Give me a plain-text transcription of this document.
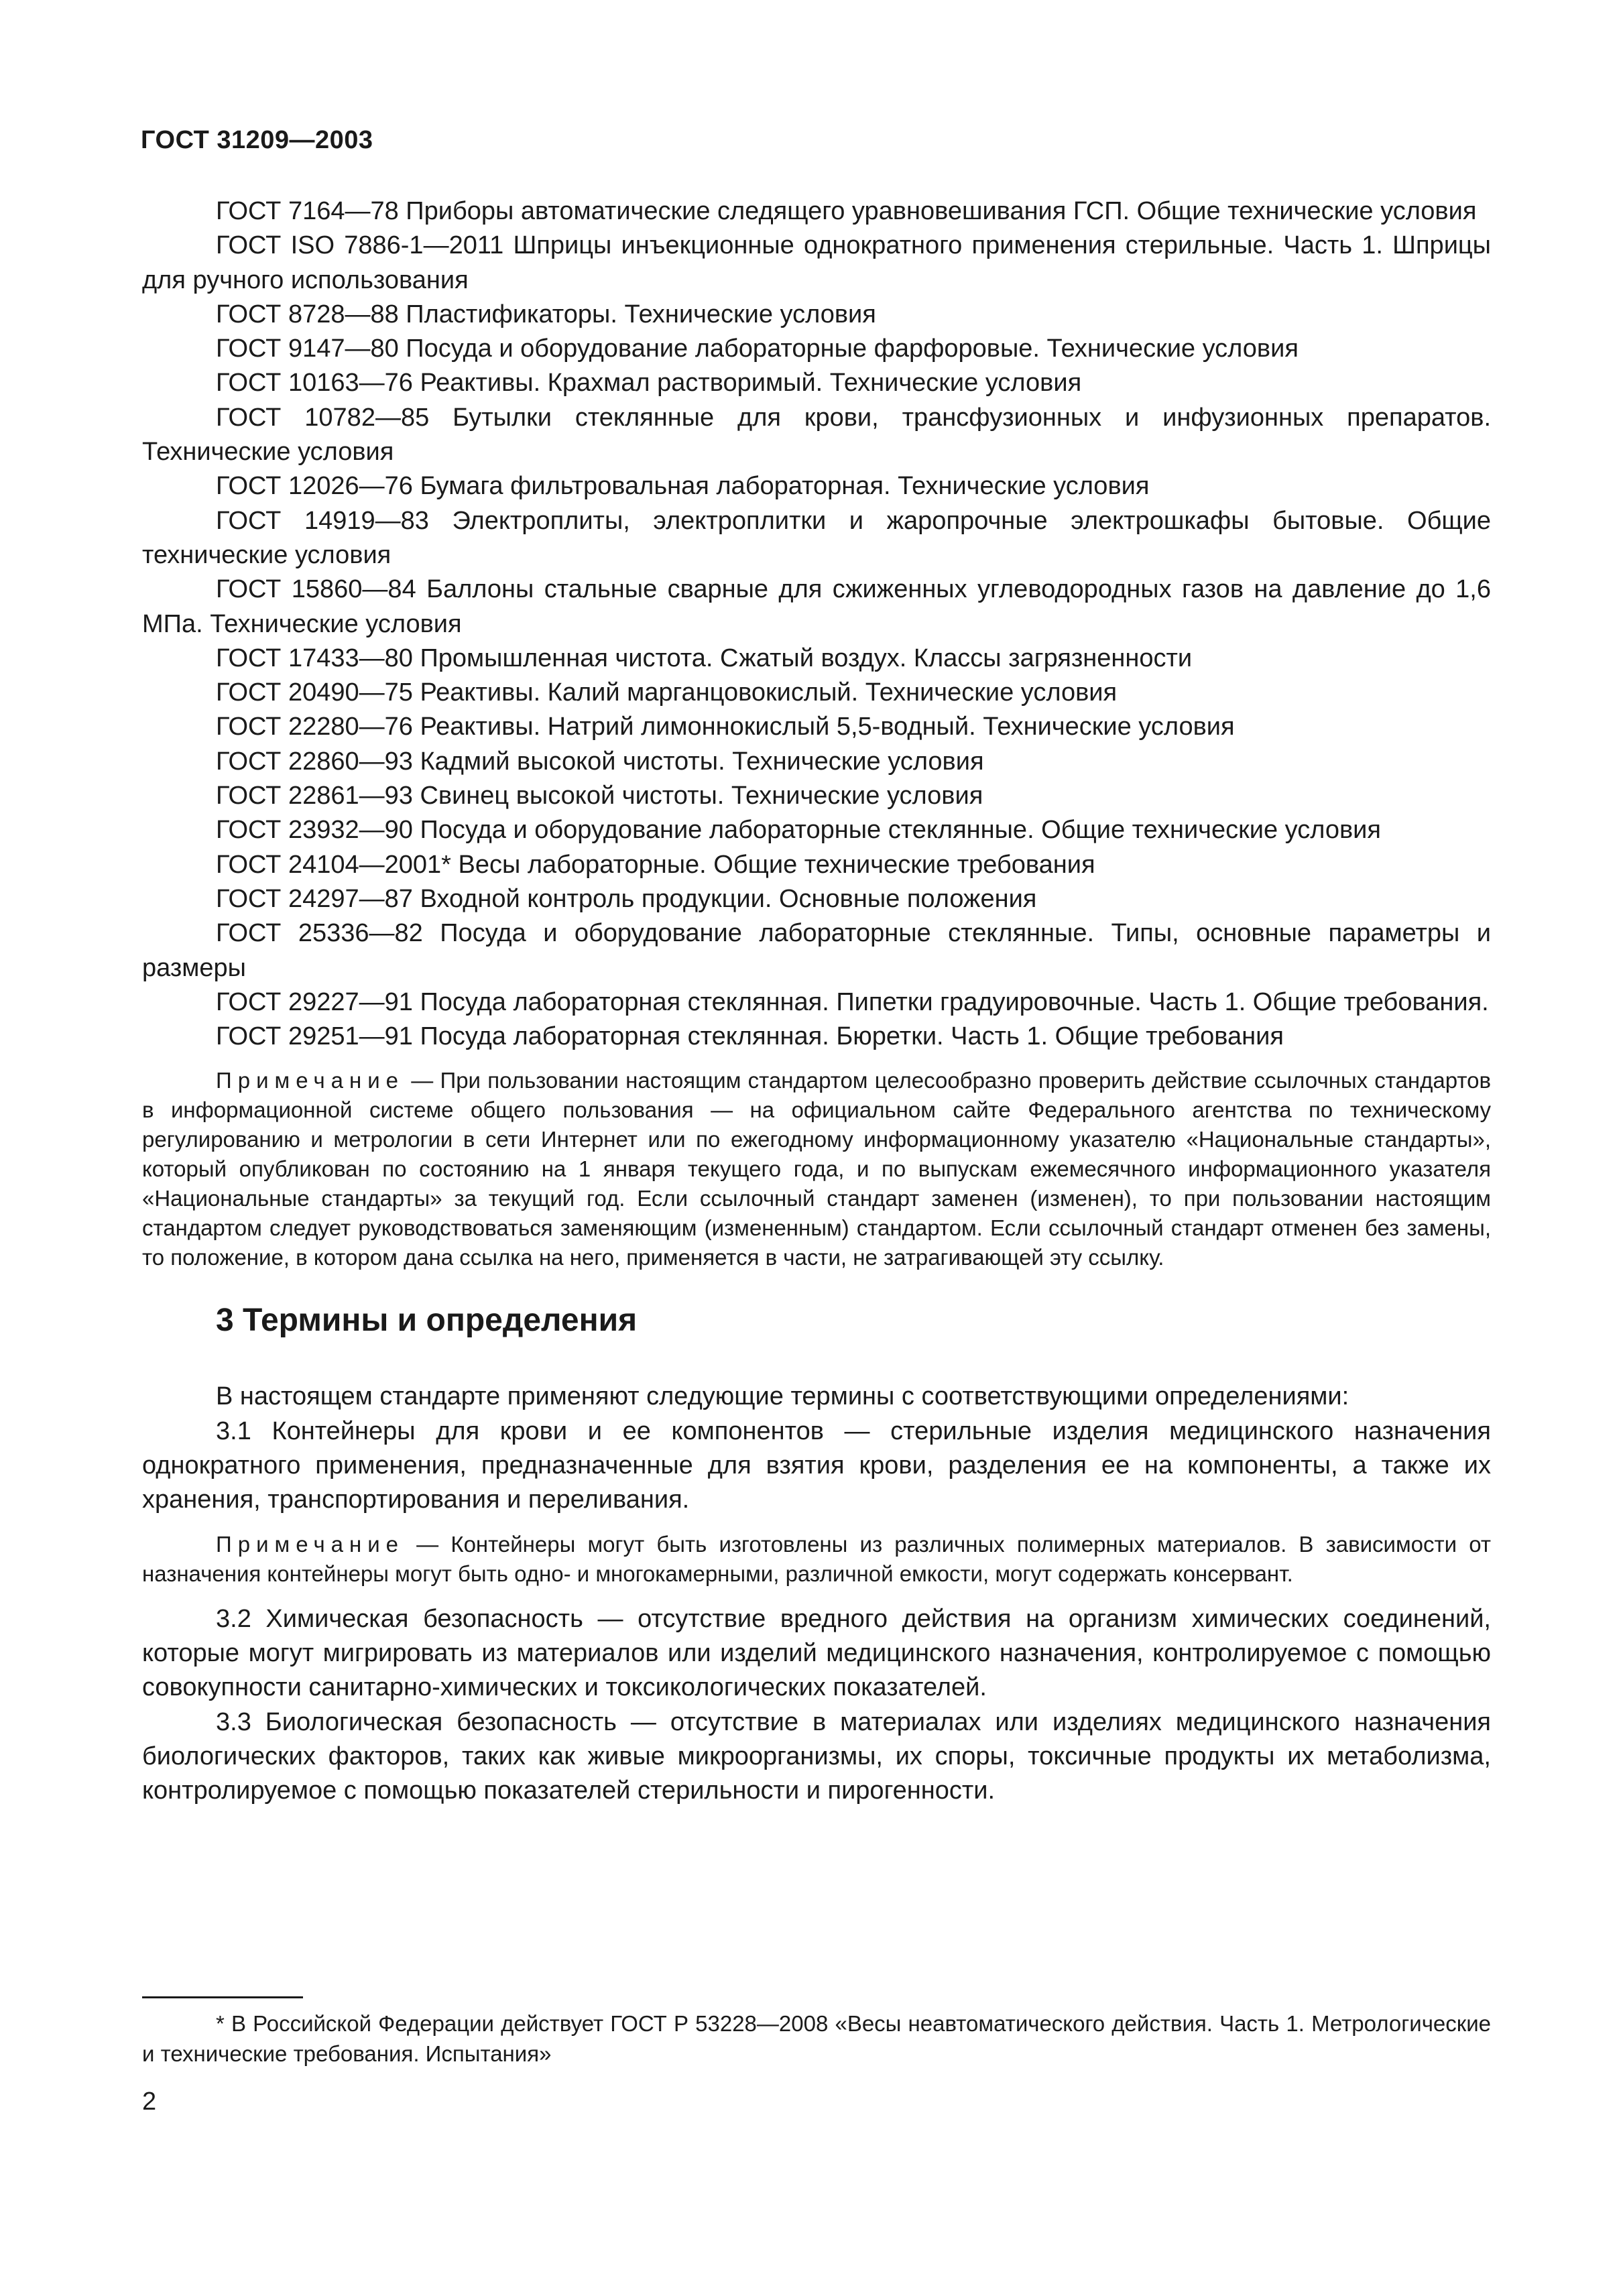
ГОСТ 31209—2003

ГОСТ 7164—78 Приборы автоматические следящего уравновешивания ГСП. Общие технические условия

ГОСТ ISO 7886-1—2011 Шприцы инъекционные однократного применения стерильные. Часть 1. Шприцы для ручного использования

ГОСТ 8728—88 Пластификаторы. Технические условия

ГОСТ 9147—80 Посуда и оборудование лабораторные фарфоровые. Технические условия

ГОСТ 10163—76 Реактивы. Крахмал растворимый. Технические условия

ГОСТ 10782—85 Бутылки стеклянные для крови, трансфузионных и инфузионных препаратов. Технические условия

ГОСТ 12026—76 Бумага фильтровальная лабораторная. Технические условия

ГОСТ 14919—83 Электроплиты, электроплитки и жаропрочные электрошкафы бытовые. Общие технические условия

ГОСТ 15860—84 Баллоны стальные сварные для сжиженных углеводородных газов на давление до 1,6 МПа. Технические условия

ГОСТ 17433—80 Промышленная чистота. Сжатый воздух. Классы загрязненности

ГОСТ 20490—75 Реактивы. Калий марганцовокислый. Технические условия

ГОСТ 22280—76 Реактивы. Натрий лимоннокислый 5,5-водный. Технические условия

ГОСТ 22860—93 Кадмий высокой чистоты. Технические условия

ГОСТ 22861—93 Свинец высокой чистоты. Технические условия

ГОСТ 23932—90 Посуда и оборудование лабораторные стеклянные. Общие технические условия

ГОСТ 24104—2001* Весы лабораторные. Общие технические требования

ГОСТ 24297—87 Входной контроль продукции. Основные положения

ГОСТ 25336—82 Посуда и оборудование лабораторные стеклянные. Типы, основные параметры и размеры

ГОСТ 29227—91 Посуда лабораторная стеклянная. Пипетки градуировочные. Часть 1. Общие требования.

ГОСТ 29251—91 Посуда лабораторная стеклянная. Бюретки. Часть 1. Общие требования

Примечание — При пользовании настоящим стандартом целесообразно проверить действие ссылочных стандартов в информационной системе общего пользования — на официальном сайте Федерального агентства по техническому регулированию и метрологии в сети Интернет или по ежегодному информационному указателю «Национальные стандарты», который опубликован по состоянию на 1 января текущего года, и по выпускам ежемесячного информационного указателя «Национальные стандарты» за текущий год. Если ссылочный стандарт заменен (изменен), то при пользовании настоящим стандартом следует руководствоваться заменяющим (измененным) стандартом. Если ссылочный стандарт отменен без замены, то положение, в котором дана ссылка на него, применяется в части, не затрагивающей эту ссылку.

3 Термины и определения

В настоящем стандарте применяют следующие термины с соответствующими определениями:

3.1 Контейнеры для крови и ее компонентов — стерильные изделия медицинского назначения однократного применения, предназначенные для взятия крови, разделения ее на компоненты, а также их хранения, транспортирования и переливания.

Примечание — Контейнеры могут быть изготовлены из различных полимерных материалов. В зависимости от назначения контейнеры могут быть одно- и многокамерными, различной емкости, могут содержать консервант.

3.2 Химическая безопасность — отсутствие вредного действия на организм химических соединений, которые могут мигрировать из материалов или изделий медицинского назначения, контролируемое с помощью совокупности санитарно-химических и токсикологических показателей.

3.3 Биологическая безопасность — отсутствие в материалах или изделиях медицинского назначения биологических факторов, таких как живые микроорганизмы, их споры, токсичные продукты их метаболизма, контролируемое с помощью показателей стерильности и пирогенности.

* В Российской Федерации действует ГОСТ Р 53228—2008 «Весы неавтоматического действия. Часть 1. Метрологические и технические требования. Испытания»

2
